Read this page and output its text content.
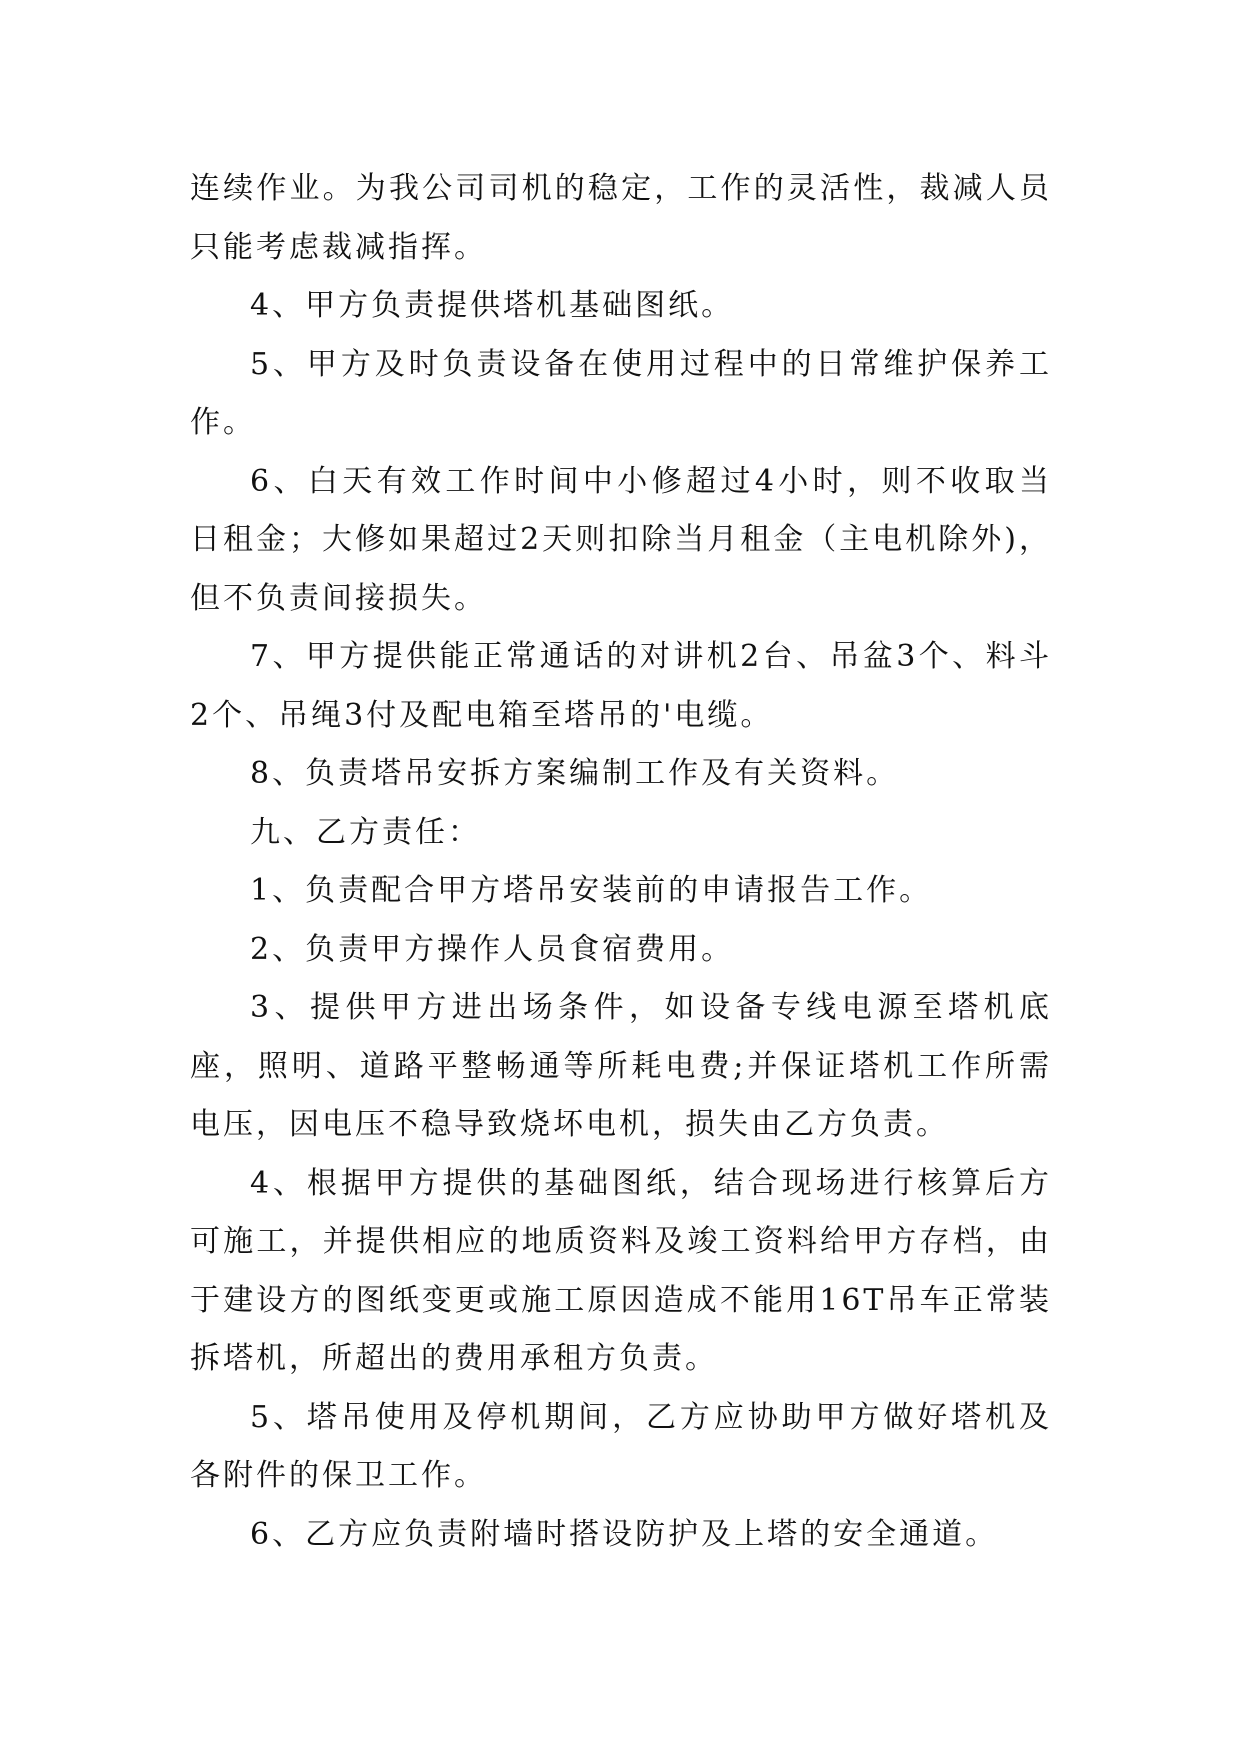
连续作业。为我公司司机的稳定，工作的灵活性，裁减人员只能考虑裁减指挥。

4、甲方负责提供塔机基础图纸。

5、甲方及时负责设备在使用过程中的日常维护保养工作。

6、白天有效工作时间中小修超过4小时，则不收取当日租金；大修如果超过2天则扣除当月租金（主电机除外)，但不负责间接损失。

7、甲方提供能正常通话的对讲机2台、吊盆3个、料斗2个、吊绳3付及配电箱至塔吊的'电缆。

8、负责塔吊安拆方案编制工作及有关资料。

九、乙方责任：

1、负责配合甲方塔吊安装前的申请报告工作。

2、负责甲方操作人员食宿费用。

3、提供甲方进出场条件，如设备专线电源至塔机底座，照明、道路平整畅通等所耗电费;并保证塔机工作所需电压，因电压不稳导致烧坏电机，损失由乙方负责。

4、根据甲方提供的基础图纸，结合现场进行核算后方可施工，并提供相应的地质资料及竣工资料给甲方存档，由于建设方的图纸变更或施工原因造成不能用16T吊车正常装拆塔机，所超出的费用承租方负责。

5、塔吊使用及停机期间，乙方应协助甲方做好塔机及各附件的保卫工作。

6、乙方应负责附墙时搭设防护及上塔的安全通道。
